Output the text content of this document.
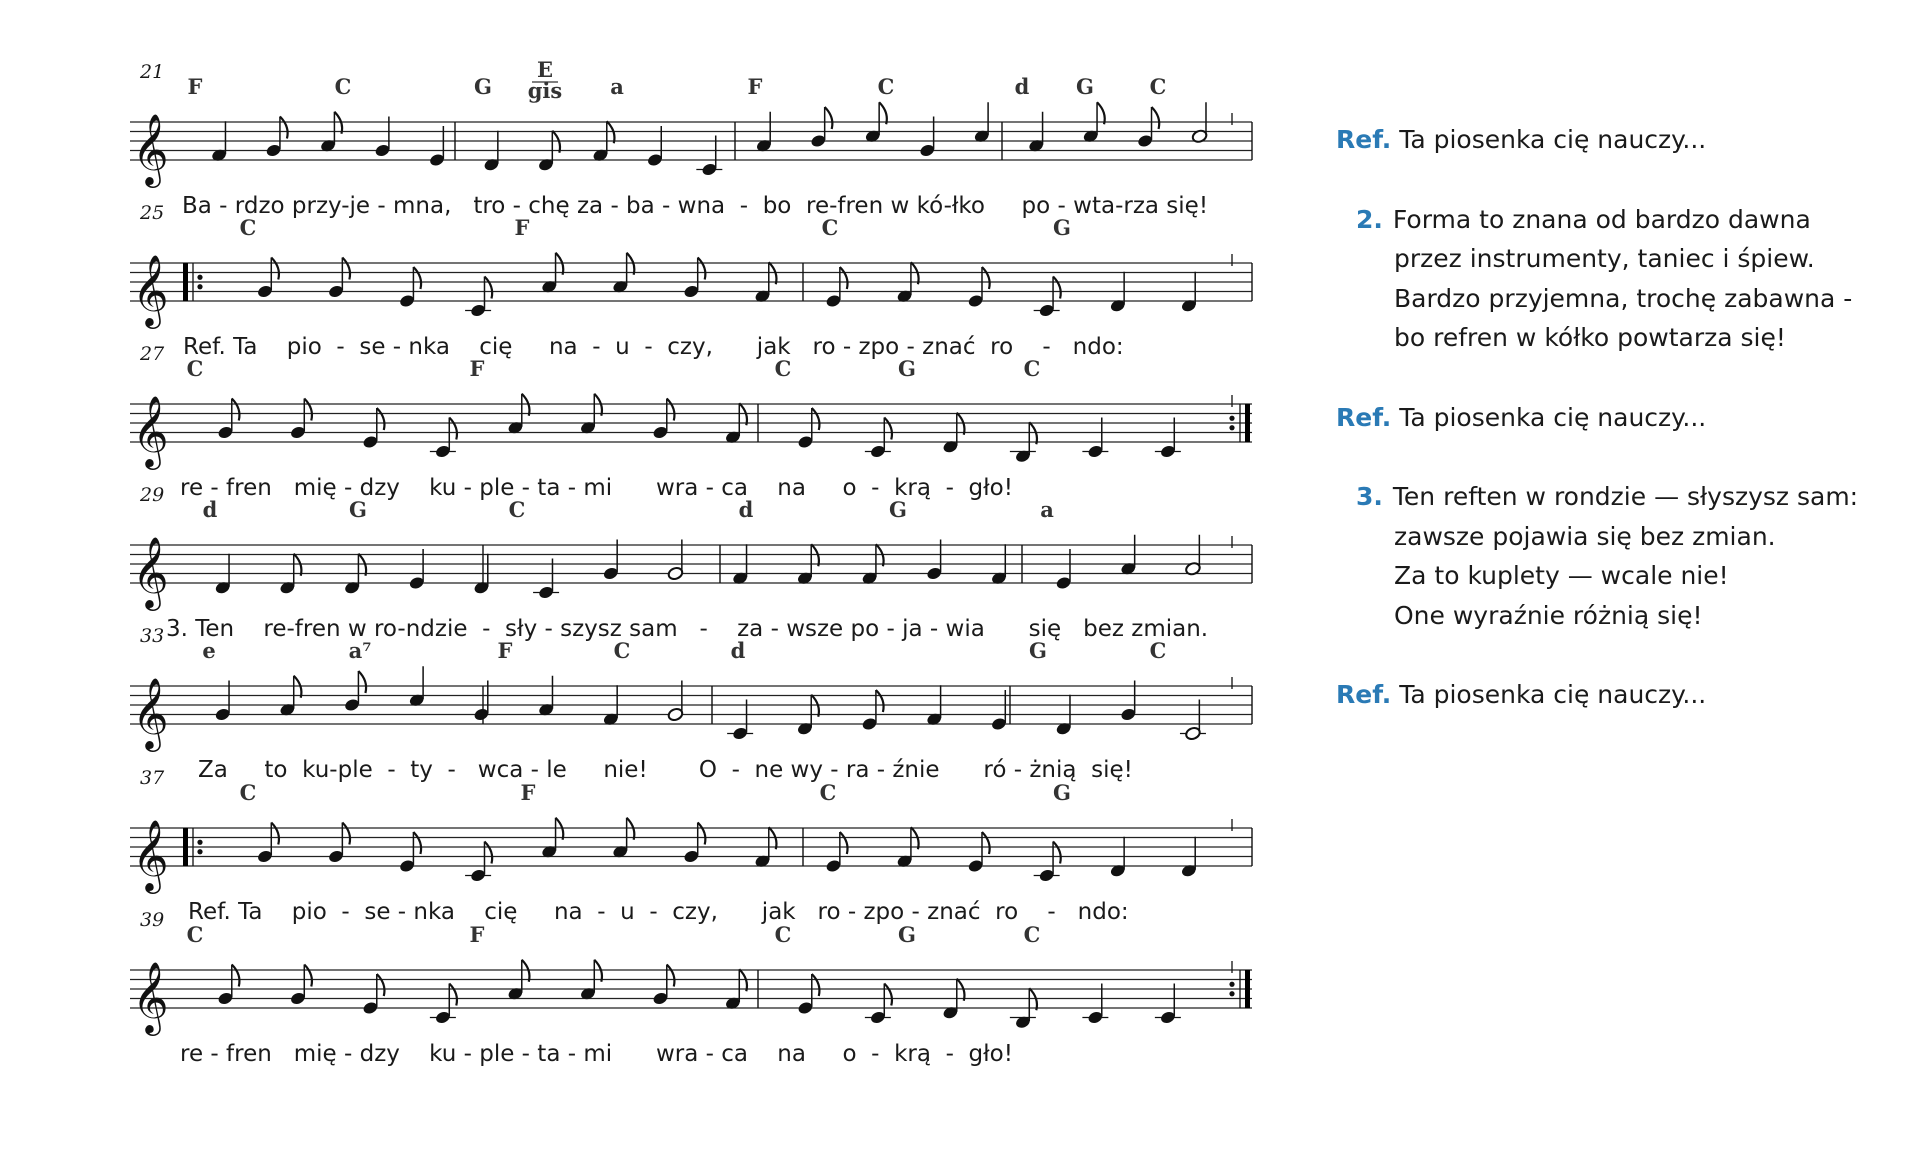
𝄞
21
F	C	G
E
gis a	F	C	d G	C
Ba - rdzo przy-je - mna,   tro - chę za - ba - wna  -  bo  re-fren w kó-łko     po - wta-rza się!
𝄞
25
C	F	C	G
Ref. Ta    pio  -  se - nka    cię     na  -  u  -  czy,      jak   ro - zpo - znać  ro    -   ndo:
𝄞
27
C	F	C	G	C
re - fren   mię - dzy    ku - ple - ta - mi      wra - ca    na     o  -  krą  -  gło!
𝄞
29
d	G	C	d	G	a
3. Ten    re-fren w ro-ndzie  -  sły - szysz sam   -    za - wsze po - ja - wia      się   bez zmian.
𝄞
33
e	a⁷	F	C	d	G	C
Za     to  ku-ple  -  ty  -   wca - le     nie!       O  -  ne wy - ra - źnie      ró - żnią  się!
𝄞
37
C	F	C	G
Ref. Ta    pio  -  se - nka    cię     na  -  u  -  czy,      jak   ro - zpo - znać  ro    -   ndo:
𝄞
39
C	F	C	G	C
re - fren   mię - dzy    ku - ple - ta - mi      wra - ca    na     o  -  krą  -  gło!
Ref. Ta piosenka cię nauczy...
2. Forma to znana od bardzo dawna
przez instrumenty, taniec i śpiew.
Bardzo przyjemna, trochę zabawna -
bo refren w kółko powtarza się!
Ref. Ta piosenka cię nauczy...
3. Ten reften w rondzie — słyszysz sam:
zawsze pojawia się bez zmian.
Za to kuplety — wcale nie!
One wyraźnie różnią się!
Ref. Ta piosenka cię nauczy...
